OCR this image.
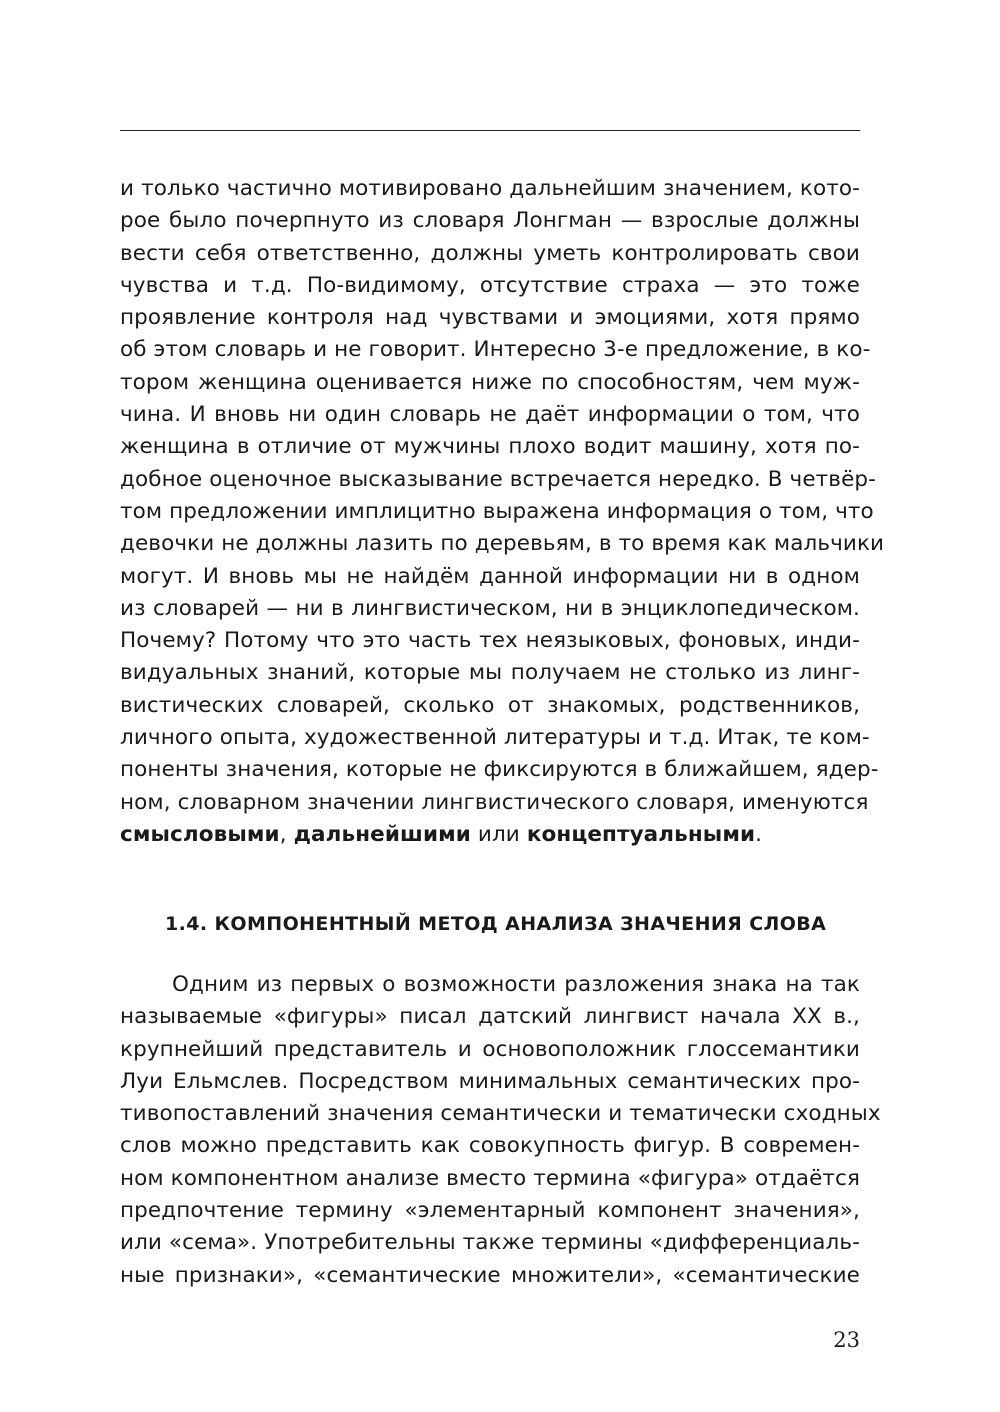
и только частично мотивировано дальнейшим значением, кото-
рое было почерпнуто из словаря Лонгман — взрослые должны
вести себя ответственно, должны уметь контролировать свои
чувства и т.д. По-видимому, отсутствие страха — это тоже
проявление контроля над чувствами и эмоциями, хотя прямо
об этом словарь и не говорит. Интересно 3-е предложение, в ко-
тором женщина оценивается ниже по способностям, чем муж-
чина. И вновь ни один словарь не даёт информации о том, что
женщина в отличие от мужчины плохо водит машину, хотя по-
добное оценочное высказывание встречается нередко. В четвёр-
том предложении имплицитно выражена информация о том, что
девочки не должны лазить по деревьям, в то время как мальчики
могут. И вновь мы не найдём данной информации ни в одном
из словарей — ни в лингвистическом, ни в энциклопедическом.
Почему? Потому что это часть тех неязыковых, фоновых, инди-
видуальных знаний, которые мы получаем не столько из линг-
вистических словарей, сколько от знакомых, родственников,
личного опыта, художественной литературы и т.д. Итак, те ком-
поненты значения, которые не фиксируются в ближайшем, ядер-
ном, словарном значении лингвистического словаря, именуются
смысловыми, дальнейшими или концептуальными.
1.4. КОМПОНЕНТНЫЙ МЕТОД АНАЛИЗА ЗНАЧЕНИЯ СЛОВА
Одним из первых о возможности разложения знака на так
называемые «фигуры» писал датский лингвист начала XX в.,
крупнейший представитель и основоположник глоссемантики
Луи Ельмслев. Посредством минимальных семантических про-
тивопоставлений значения семантически и тематически сходных
слов можно представить как совокупность фигур. В современ-
ном компонентном анализе вместо термина «фигура» отдаётся
предпочтение термину «элементарный компонент значения»,
или «сема». Употребительны также термины «дифференциаль-
ные признаки», «семантические множители», «семантические
23
